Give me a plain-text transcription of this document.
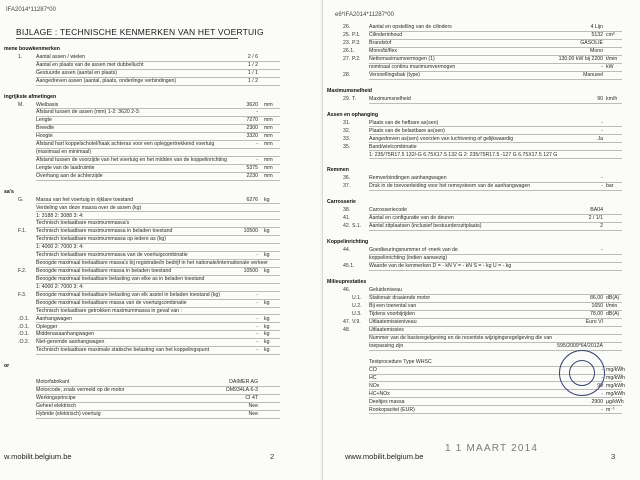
IFA2014*11287*00
BIJLAGE : TECHNISCHE KENMERKEN VAN HET VOERTUIG
mene bouwkenmerken
1.	Aantal assen / wielen	2 / 6
Aantal en plaats van de assen met dubbellucht	1 / 2
Gestuurde assen (aantal en plaats)	1 / 1
Aangedreven assen (aantal, plaats, onderlinge verbindingen)	1 / 2
ingrijkste afmetingen
M. Wielbasis	3620 mm
Afstand tussen de assen (mm) 1-2: 3620 2-3:	-
Lengte	7270 mm
Breedte	2300 mm
Hoogte	3320 mm
Afstand hart koppelschotel/haak achteras voor een opleggertrekkend voertuig	- mm
(maximaal en minimaal)
Afstand tussen de voorzijde van het voertuig en het midden van de koppelinrichting	- mm
Lengte van de laadruimte	5375 mm
Overhang aan de achterzijde	2230 mm
sa's
G. Massa van het voertuig in rijklare toestand	6276 kg
Verdeling van deze massa over de assen (kg)
1: 3188 2: 3088 3: 4:
Technisch toelaatbare maximummassa's
F.1. Technisch toelaatbare maximummassa in beladen toestand	10500 kg
Technisch toelaatbare maximummassa op iedere as (kg)
1: 4000 2: 7000 3: 4:
Technisch toelaatbare maximummassa van de voertuigcombinatie	- kg
Beoogde maximaal toelaatbare massa's bij registratie/in bedrijf in het nationale/internationale verkeer
F.2. Beoogde maximaal toelaatbare massa in beladen toestand	10500 kg
Beoogde maximaal toelaatbare belasting van elke as in beladen toestand
1: 4000 2: 7000 3: 4:
F.3. Beoogde maximaal toelaatbare belasting van elk asstel in beladen toestand (kg)	-
Beoogde maximaal toelaatbare massa van de voertuigcombinatie	- kg
Technisch toelaatbare getrokken maximummassa in geval van :
.O.1. Aanhangwagen	- kg
.O.1. Oplegger	- kg
.O.1. Middenasaanhangwagen	- kg
.O.2. Niet-geremde aanhangwagen	- kg
Technisch toelaatbare maximale statische belasting van het koppelingspunt	- kg
or
Motorfabrikant	DAIMER AG
Motorcode, zoals vermeld op de motor	OM934LA.6-3
Werkingsprincipe	CI 4T
Geheel elektrisch	Nee
Hybride (elektrisch) voertuig	Nee
w.mobilit.belgium.be	2
e6*IFA2014*11287*00
26.	Aantal en opstelling van de cilinders	4 Lijn
25. P.1. Cilinderinhoud	5132 cm³
23. P.3. Brandstof	GASOLIE
26.1.	Mono/bi/flex	Mono
27. P.2. Nettomaximumvermogen (1)	130,00 kW bij 2200 t/min
nominaal continu maximumvermogen	- kW
28.	Versnellingsbak (type)	Manueel
Maximumsnelheid
29. T. Maximumsnelheid	90 km/h
Assen en ophanging
31.	Plaats van de hefbare as(sen)	-
32.	Plaats van de belastbare as(sen)	-
33.	Aangedreven as(sen) voorzien van luchtvering of gelijkwaardig	Ja
35.	Band/wielcombinatie
1: 235/75R17.5 132/-G 6.75X17.5 132 G 2: 235/75R17.5 -127 G 6.75X17.5 127 G
Remmen
36.	Remverbindingen aanhangwagen	-
37.	Druk in de toevoerleiding voor het remsysteem van de aanhangwagen	- bar
Carrosserie
38.	Carrosseriecode	BA04
41.	Aantal en configuratie van de deuren	2 / 1/1
42. S.1. Aantal zitplaatsen (inclusief bestuurderszitplaats)	2
Koppelinrichting
44.	Goedkeuringsnummer of -merk van de	-
koppelinrichting (indien aanwezig)
45.1.	Waarde van de kenmerken D = - kN V = - kN S = - kg U = - kg
Milieuprestaties
46.	Geluidsniveau
U.1. Stationair draaiende motor	86,00 dB(A)
U.2. Bij een toerental van	1650 t/min
U.3. Tijdens voorbijrijden	78,00 dB(A)
47. V.9. Uitlaatemissieniveau	Euro VI
48.	Uitlaatemissies
Nummer van de basisregelgeving en de recentste wijzigingsregelgeving die van
toepassing zijn	595/2009*64/2012A
Testprocedure Type WHSC
CO	- mg/kWh
HC	- mg/kWh
NOx	99 mg/kWh
HC+NOx	- mg/kWh
Deeltjes massa	2900 µg/kWh
Rookopacitel (EUR)	- m⁻¹
1 1 MAART 2014
www.mobilit.belgium.be	3
